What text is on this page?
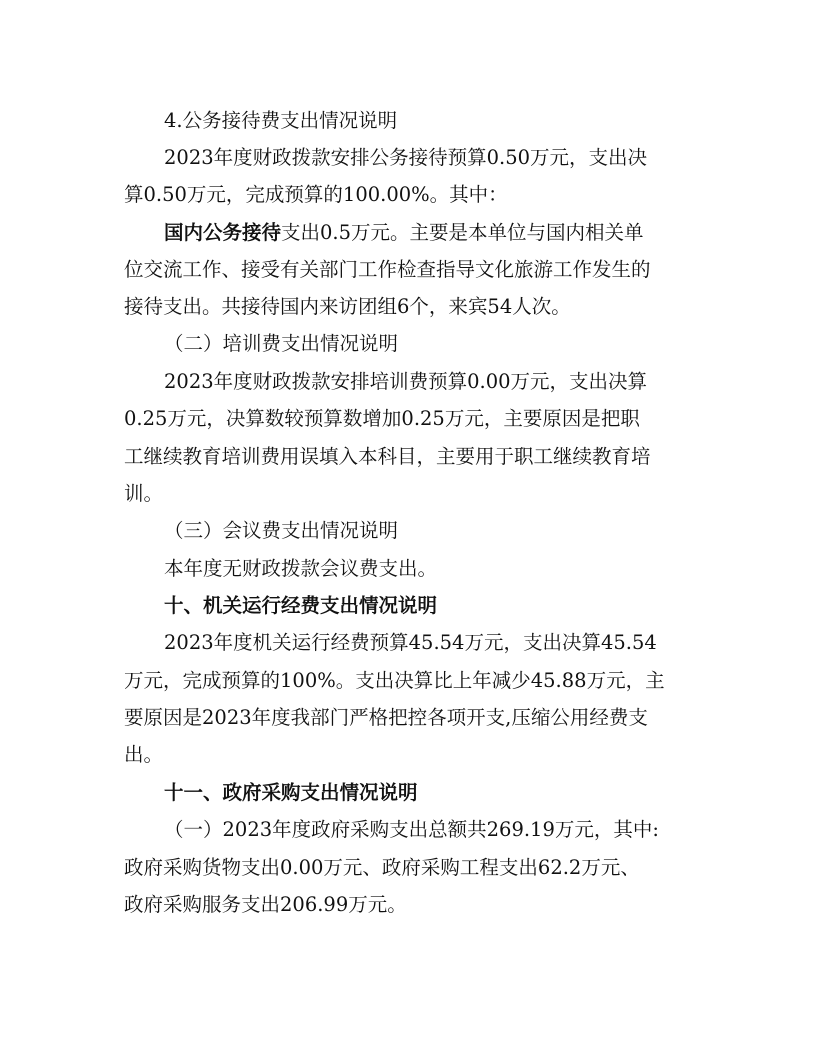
4.公务接待费支出情况说明
2023年度财政拨款安排公务接待预算0.50万元，支出决
算0.50万元，完成预算的100.00%。其中：
国内公务接待支出0.5万元。主要是本单位与国内相关单
位交流工作、接受有关部门工作检查指导文化旅游工作发生的
接待支出。共接待国内来访团组6个，来宾54人次。
（二）培训费支出情况说明
2023年度财政拨款安排培训费预算0.00万元，支出决算
0.25万元，决算数较预算数增加0.25万元，主要原因是把职
工继续教育培训费用误填入本科目，主要用于职工继续教育培
训。
（三）会议费支出情况说明
本年度无财政拨款会议费支出。
十、机关运行经费支出情况说明
2023年度机关运行经费预算45.54万元，支出决算45.54
万元，完成预算的100%。支出决算比上年减少45.88万元，主
要原因是2023年度我部门严格把控各项开支,压缩公用经费支
出。
十一、政府采购支出情况说明
（一）2023年度政府采购支出总额共269.19万元，其中:
政府采购货物支出0.00万元、政府采购工程支出62.2万元、
政府采购服务支出206.99万元。
